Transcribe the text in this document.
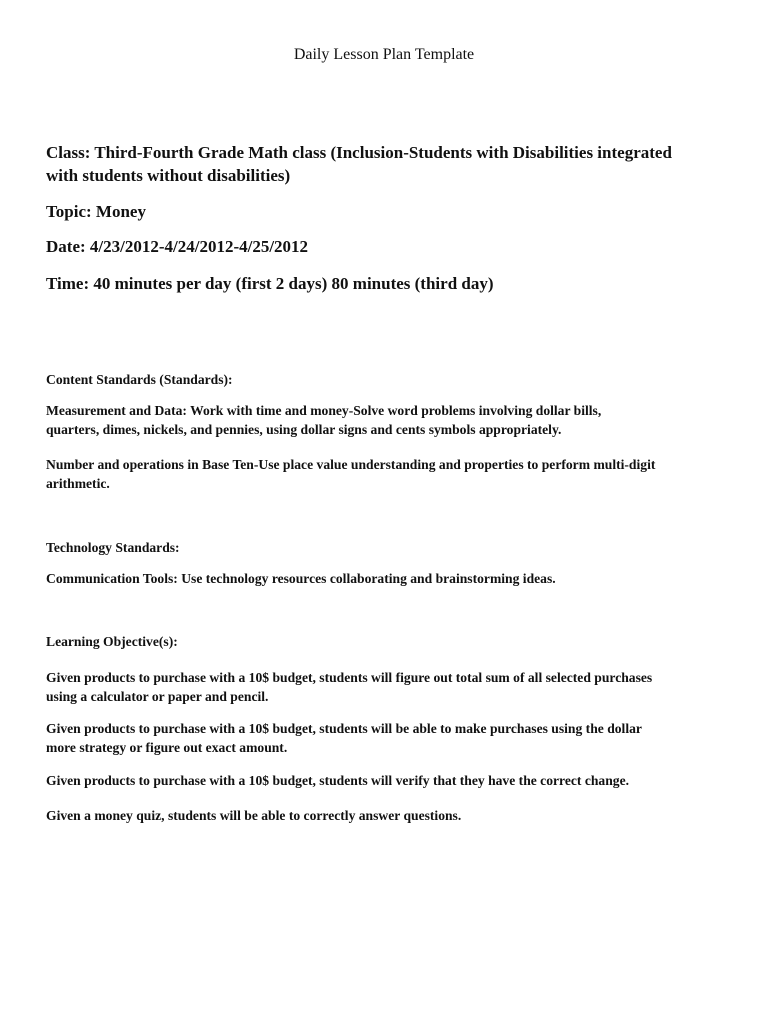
Daily Lesson Plan Template
Class: Third-Fourth Grade Math class (Inclusion-Students with Disabilities integrated
with students without disabilities)
Topic: Money
Date: 4/23/2012-4/24/2012-4/25/2012
Time: 40 minutes per day (first 2 days) 80 minutes (third day)
Content Standards (Standards):
Measurement and Data: Work with time and money-Solve word problems involving dollar bills,
quarters, dimes, nickels, and pennies, using dollar signs and cents symbols appropriately.
Number and operations in Base Ten-Use place value understanding and properties to perform multi-digit
arithmetic.
Technology Standards:
Communication Tools: Use technology resources collaborating and brainstorming ideas.
Learning Objective(s):
Given products to purchase with a 10$ budget, students will figure out total sum of all selected purchases
using a calculator or paper and pencil.
Given products to purchase with a 10$ budget, students will be able to make purchases using the dollar
more strategy or figure out exact amount.
Given products to purchase with a 10$ budget, students will verify that they have the correct change.
Given a money quiz, students will be able to correctly answer questions.
